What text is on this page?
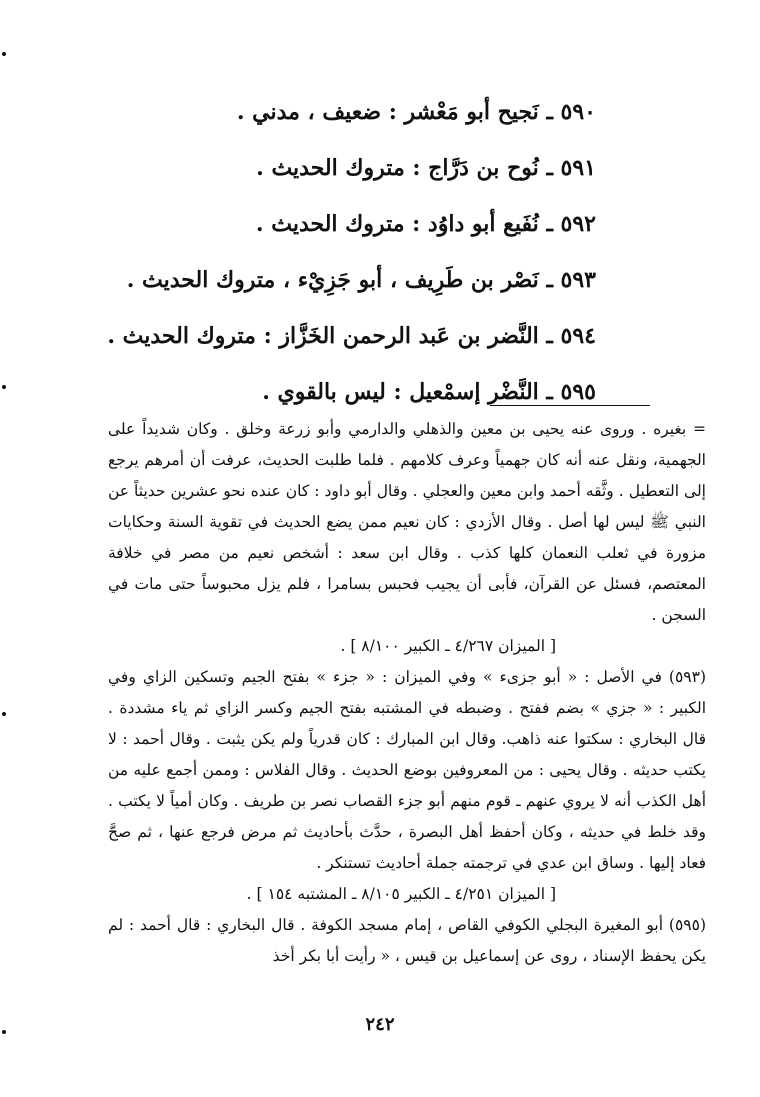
٥٩٠ ـ نَجيح أبو مَعْشر : ضعيف ، مدني .
٥٩١ ـ نُوح بن دَرَّاج : متروك الحديث .
٥٩٢ ـ نُفَيع أبو داوُد : متروك الحديث .
٥٩٣ ـ نَصْر بن طَرِيف ، أبو جَزِيْء ، متروك الحديث .
٥٩٤ ـ النَّضر بن عَبد الرحمن الخَزَّاز : متروك الحديث .
٥٩٥ ـ النَّضْر إسمْعيل : ليس بالقوي .

= بغيره . وروى عنه يحيى بن معين والذهلي والدارمي وأبو زرعة وخلق . وكان شديداً على الجهمية، ونقل عنه أنه كان جهمياً وعرف كلامهم . فلما طلبت الحديث، عرفت أن أمرهم يرجع إلى التعطيل . وثَّقه أحمد وابن معين والعجلي . وقال أبو داود : كان عنده نحو عشرين حديثاً عن النبي ﷺ ليس لها أصل . وقال الأزدي : كان نعيم ممن يضع الحديث في تقوية السنة وحكايات مزورة في ثعلب النعمان كلها كذب . وقال ابن سعد : أشخص نعيم من مصر في خلافة المعتصم، فسئل عن القرآن، فأبى أن يجيب فحبس بسامرا ، فلم يزل محبوساً حتى مات في السجن .

[ الميزان ٤/٢٦٧ ـ الكبير ٨/١٠٠ ] .

(٥٩٣) في الأصل : « أبو جزىء » وفي الميزان : « جزء » بفتح الجيم وتسكين الزاي وفي الكبير : « جزي » بضم ففتح . وضبطه في المشتبه بفتح الجيم وكسر الزاي ثم ياء مشددة . قال البخاري : سكتوا عنه ذاهب. وقال ابن المبارك : كان قدرياً ولم يكن يثبت . وقال أحمد : لا يكتب حديثه . وقال يحيى : من المعروفين بوضع الحديث . وقال الفلاس : وممن أجمع عليه من أهل الكذب أنه لا يروي عنهم ـ قوم منهم أبو جزء القصاب نصر بن طريف . وكان أمياً لا يكتب . وقد خلط في حديثه ، وكان أحفظ أهل البصرة ، حدَّث بأحاديث ثم مرض فرجع عنها ، ثم صحَّ فعاد إليها . وساق ابن عدي في ترجمته جملة أحاديث تستنكر .

[ الميزان ٤/٢٥١ ـ الكبير ٨/١٠٥ ـ المشتبه ١٥٤ ] .

(٥٩٥) أبو المغيرة البجلي الكوفي القاص ، إمام مسجد الكوفة . قال البخاري : قال أحمد : لم يكن يحفظ الإسناد ، روى عن إسماعيل بن قيس ، « رأيت أبا بكر أخذ

٢٤٢
